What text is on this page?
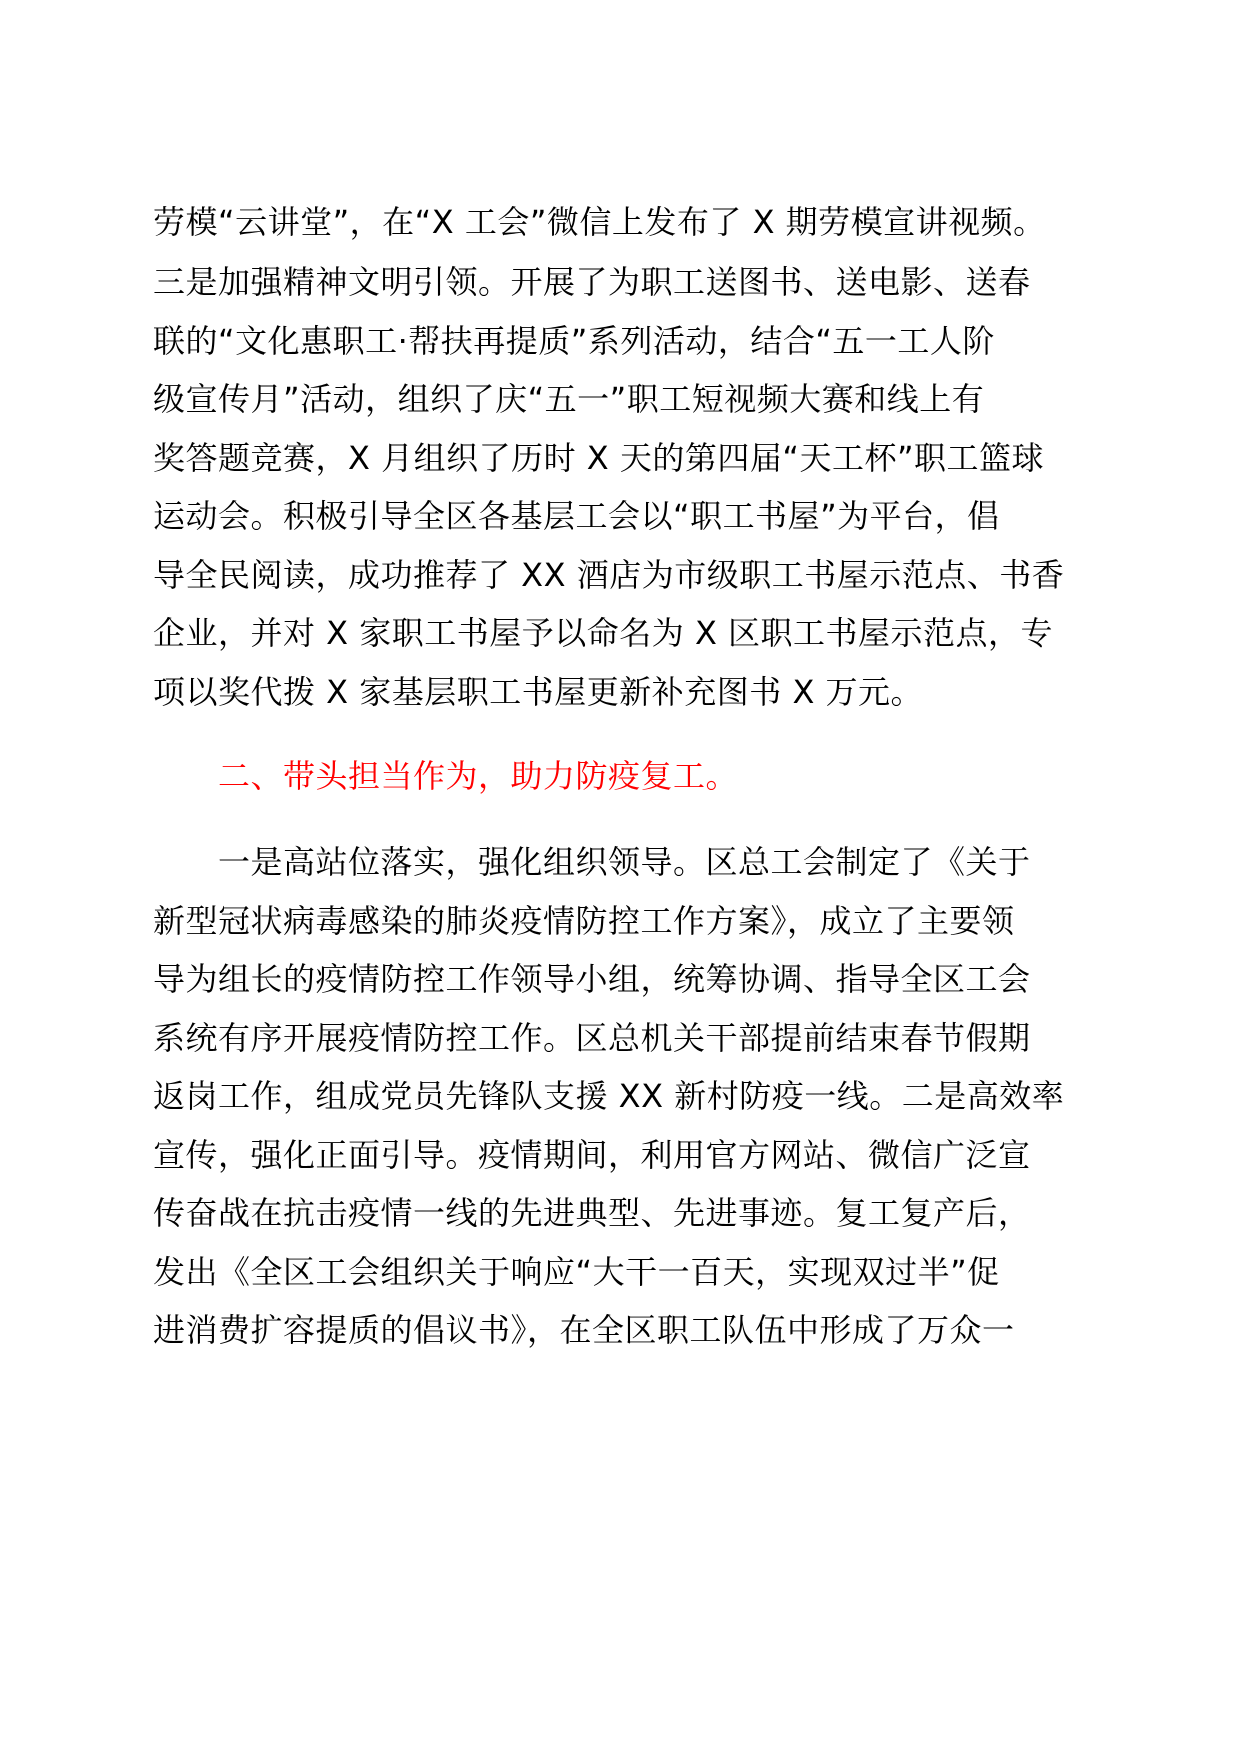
劳模“云讲堂”，在“X 工会”微信上发布了 X 期劳模宣讲视频。
三是加强精神文明引领。开展了为职工送图书、送电影、送春
联的“文化惠职工·帮扶再提质”系列活动，结合“五一工人阶
级宣传月”活动，组织了庆“五一”职工短视频大赛和线上有
奖答题竞赛，X 月组织了历时 X 天的第四届“天工杯”职工篮球
运动会。积极引导全区各基层工会以“职工书屋”为平台，倡
导全民阅读，成功推荐了 XX 酒店为市级职工书屋示范点、书香
企业，并对 X 家职工书屋予以命名为 X 区职工书屋示范点，专
项以奖代拨 X 家基层职工书屋更新补充图书 X 万元。
二、带头担当作为，助力防疫复工。
一是高站位落实，强化组织领导。区总工会制定了《关于
新型冠状病毒感染的肺炎疫情防控工作方案》，成立了主要领
导为组长的疫情防控工作领导小组，统筹协调、指导全区工会
系统有序开展疫情防控工作。区总机关干部提前结束春节假期
返岗工作，组成党员先锋队支援 XX 新村防疫一线。二是高效率
宣传，强化正面引导。疫情期间，利用官方网站、微信广泛宣
传奋战在抗击疫情一线的先进典型、先进事迹。复工复产后，
发出《全区工会组织关于响应“大干一百天，实现双过半”促
进消费扩容提质的倡议书》，在全区职工队伍中形成了万众一
